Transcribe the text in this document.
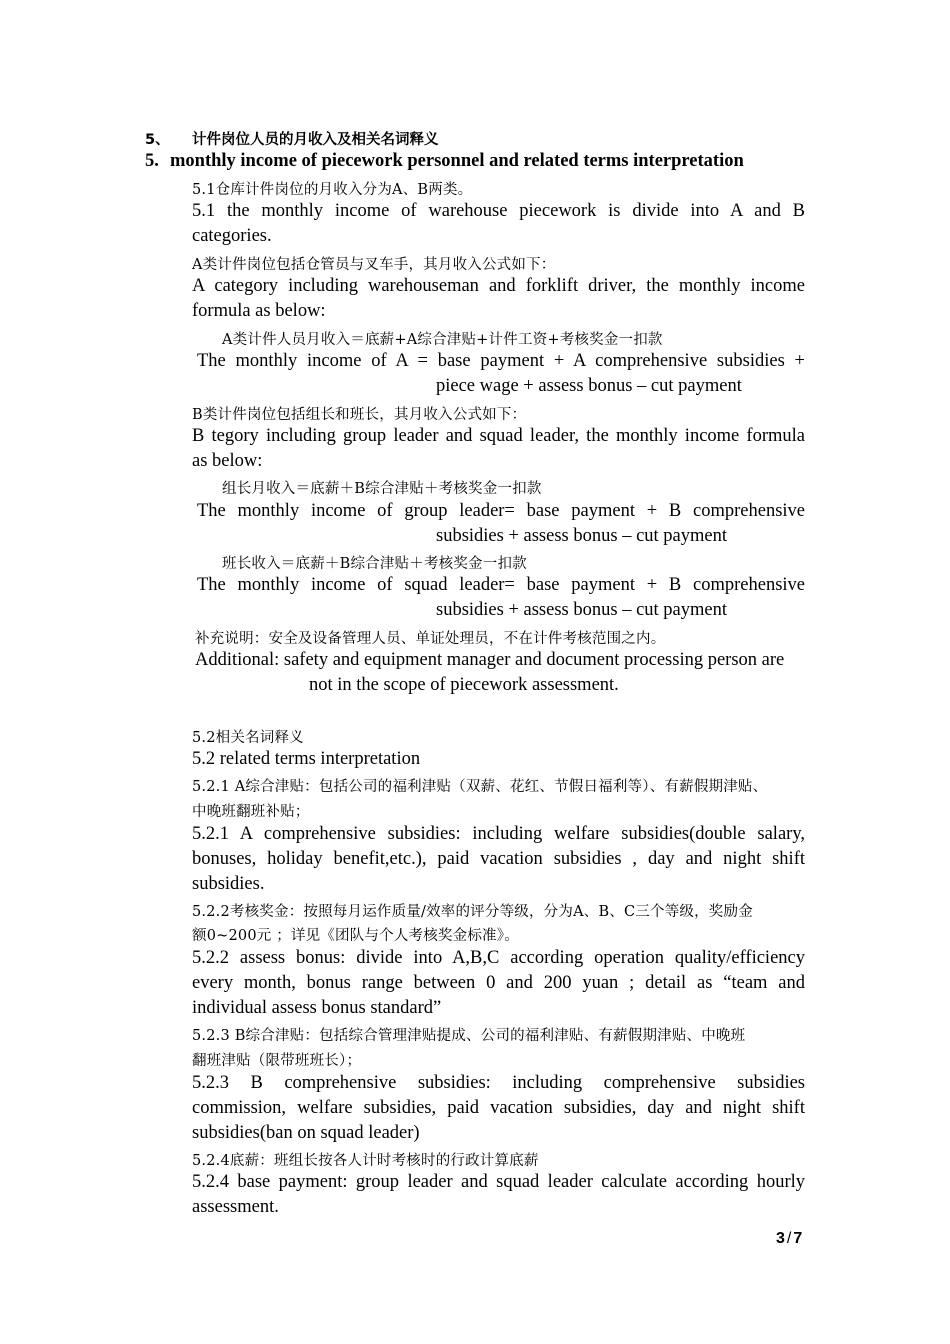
5、 计件岗位人员的月收入及相关名词释义
5. monthly income of piecework personnel and related terms interpretation
5.1仓库计件岗位的月收入分为A、B两类。
5.1 the monthly income of warehouse piecework is divide into A and B
categories.
A类计件岗位包括仓管员与叉车手，其月收入公式如下：
A category including warehouseman and forklift driver, the monthly income
formula as below:
A类计件人员月收入＝底薪+A综合津贴+计件工资+考核奖金一扣款
The monthly income of A = base payment + A comprehensive subsidies +
piece wage + assess bonus – cut payment
B类计件岗位包括组长和班长，其月收入公式如下：
B tegory including group leader and squad leader, the monthly income formula
as below:
组长月收入＝底薪＋B综合津贴＋考核奖金一扣款
The monthly income of group leader= base payment + B comprehensive
subsidies + assess bonus – cut payment
班长收入＝底薪＋B综合津贴＋考核奖金一扣款
The monthly income of squad leader= base payment + B comprehensive
subsidies + assess bonus – cut payment
补充说明：安全及设备管理人员、单证处理员，不在计件考核范围之内。
Additional: safety and equipment manager and document processing person are
not in the scope of piecework assessment.
5.2相关名词释义
5.2 related terms interpretation
5.2.1 A综合津贴：包括公司的福利津贴（双薪、花红、节假日福利等）、有薪假期津贴、
中晚班翻班补贴；
5.2.1 A comprehensive subsidies: including welfare subsidies(double salary,
bonuses, holiday benefit,etc.), paid vacation subsidies , day and night shift
subsidies.
5.2.2考核奖金：按照每月运作质量/效率的评分等级，分为A、B、C三个等级，奖励金
额0~200元 ；详见《团队与个人考核奖金标准》。
5.2.2 assess bonus: divide into A,B,C according operation quality/efficiency
every month, bonus range between 0 and 200 yuan ; detail as “team and
individual assess bonus standard”
5.2.3 B综合津贴：包括综合管理津贴提成、公司的福利津贴、有薪假期津贴、中晚班
翻班津贴（限带班班长）；
5.2.3 B comprehensive subsidies: including comprehensive subsidies
commission, welfare subsidies, paid vacation subsidies, day and night shift
subsidies(ban on squad leader)
5.2.4底薪：班组长按各人计时考核时的行政计算底薪
5.2.4 base payment: group leader and squad leader calculate according hourly
assessment.
3 / 7
